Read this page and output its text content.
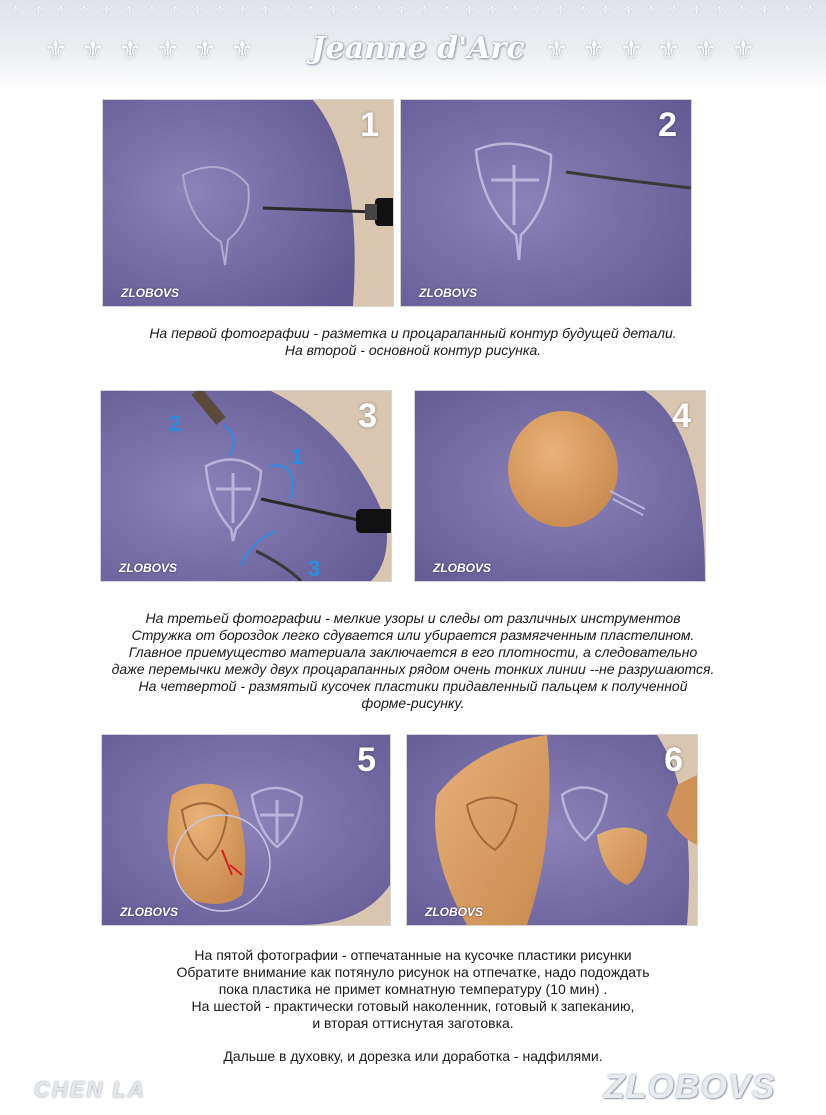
⚜ ⚜ ⚜ ⚜ ⚜ ⚜ ⚜ ⚜ ⚜ ⚜ ⚜ ⚜ ⚜ ⚜ ⚜ ⚜ ⚜ ⚜ ⚜ ⚜ ⚜ ⚜ ⚜ ⚜ ⚜ ⚜ ⚜ ⚜ ⚜ ⚜ ⚜ ⚜ ⚜ ⚜ ⚜ ⚜
⚜ ⚜ ⚜ ⚜ ⚜ ⚜	Jeanne d'Arc ⚜ ⚜ ⚜ ⚜ ⚜ ⚜
1
ZLOBOVS
2
ZLOBOVS
На первой фотографии - разметка и процарапанный контур будущей детали.
На второй - основной контур рисунка.
2
1
3
3
ZLOBOVS
4
ZLOBOVS
На третьей фотографии - мелкие узоры и следы от различных инструментов
Стружка от бороздок легко сдувается или убирается размягченным пластелином.
Главное приемущество материала заключается в его плотности, а следовательно
даже перемычки между двух процарапанных рядом очень тонких линии --не разрушаются.
На четвертой - размятый кусочек пластики придавленный пальцем к полученной
форме-рисунку.
5
ZLOBOVS
6
ZLOBOVS
На пятой фотографии - отпечатанные на кусочке пластики рисунки
Обратите внимание как потянуло рисунок на отпечатке, надо подождать
пока пластика не примет комнатную температуру (10 мин) .
На шестой - практически готовый наколенник, готовый к запеканию,
и вторая оттиснутая заготовка.
Дальше в духовку, и дорезка или доработка - надфилями.
CHEN LA	ZLOBOVS
